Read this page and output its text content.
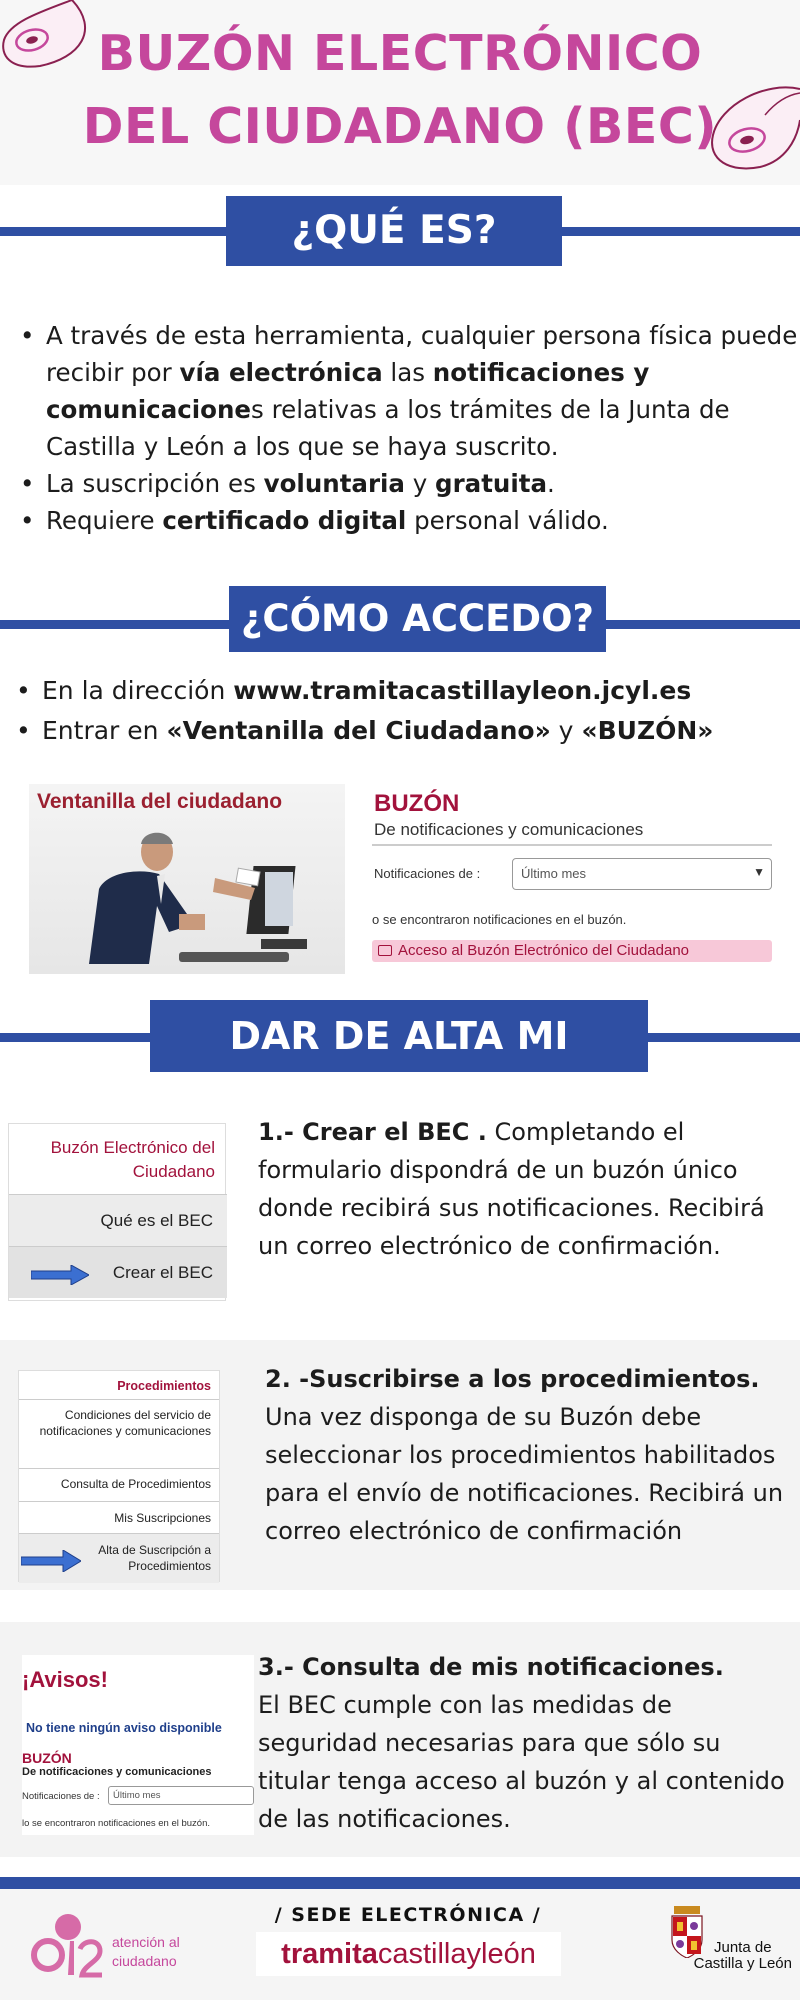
BUZÓN ELECTRÓNICO
DEL CIUDADANO (BEC)
¿QUÉ ES?
• A través de esta herramienta, cualquier persona física puede recibir por vía electrónica las notificaciones y comunicaciones relativas a los trámites de la Junta de Castilla y León a los que se haya suscrito.
• La suscripción es voluntaria y gratuita.
• Requiere certificado digital personal válido.
¿CÓMO ACCEDO?
• En la dirección www.tramitacastillayleon.jcyl.es
• Entrar en «Ventanilla del Ciudadano» y «BUZÓN»
Ventanilla del ciudadano	BUZÓN
De notificaciones y comunicaciones
Notificaciones de :	Último mes	▼
o se encontraron notificaciones en el buzón.
Acceso al Buzón Electrónico del Ciudadano
DAR DE ALTA MI BUZÓN
Buzón Electrónico del Ciudadano
Qué es el BEC
Crear el BEC
1.- Crear el BEC . Completando el formulario dispondrá de un buzón único donde recibirá sus notificaciones. Recibirá un correo electrónico de confirmación.
Procedimientos
Condiciones del servicio de notificaciones y comunicaciones
Consulta de Procedimientos
Mis Suscripciones
Alta de Suscripción a Procedimientos
2. -Suscribirse a los procedimientos. Una vez disponga de su Buzón debe seleccionar los procedimientos habilitados para el envío de notificaciones. Recibirá un correo electrónico de confirmación
¡Avisos!
No tiene ningún aviso disponible
BUZÓN
De notificaciones y comunicaciones
Notificaciones de : Último mes
lo se encontraron notificaciones en el buzón.
3.- Consulta de mis notificaciones.
El BEC cumple con las medidas de seguridad necesarias para que sólo su titular tenga acceso al buzón y al contenido de las notificaciones.
atención al
ciudadano
/ SEDE ELECTRÓNICA /
tramitacastillayleón	Junta de
Castilla y León
